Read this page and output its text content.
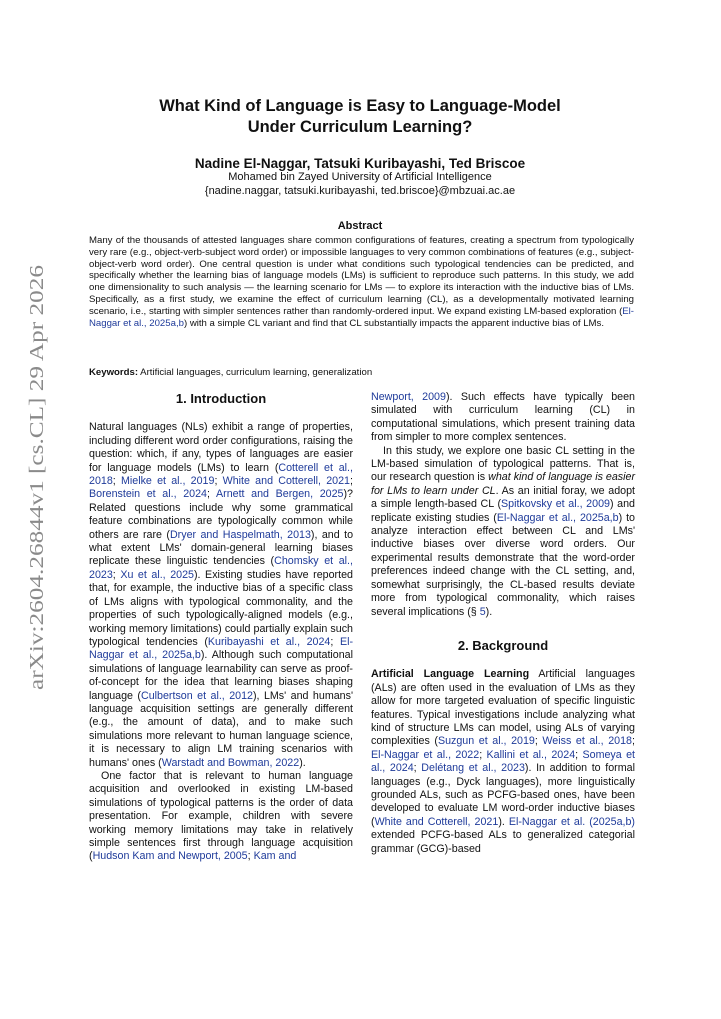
arXiv:2604.26844v1 [cs.CL] 29 Apr 2026
What Kind of Language is Easy to Language-Model
Under Curriculum Learning?
Nadine El-Naggar, Tatsuki Kuribayashi, Ted Briscoe
Mohamed bin Zayed University of Artificial Intelligence
{nadine.naggar, tatsuki.kuribayashi, ted.briscoe}@mbzuai.ac.ae
Abstract
Many of the thousands of attested languages share common configurations of features, creating a spectrum from typologically very rare (e.g., object-verb-subject word order) or impossible languages to very common combinations of features (e.g., subject-object-verb word order). One central question is under what conditions such typological tendencies can be predicted, and specifically whether the learning bias of language models (LMs) is sufficient to reproduce such patterns. In this study, we add one dimensionality to such analysis — the learning scenario for LMs — to explore its interaction with the inductive bias of LMs. Specifically, as a first study, we examine the effect of curriculum learning (CL), as a developmentally motivated learning scenario, i.e., starting with simpler sentences rather than randomly-ordered input. We expand existing LM-based exploration (El-Naggar et al., 2025a,b) with a simple CL variant and find that CL substantially impacts the apparent inductive bias of LMs.
Keywords: Artificial languages, curriculum learning, generalization
1. Introduction

Natural languages (NLs) exhibit a range of properties, including different word order configurations, raising the question: which, if any, types of languages are easier for language models (LMs) to learn (Cotterell et al., 2018; Mielke et al., 2019; White and Cotterell, 2021; Borenstein et al., 2024; Arnett and Bergen, 2025)? Related questions include why some grammatical feature combinations are typologically common while others are rare (Dryer and Haspelmath, 2013), and to what extent LMs' domain-general learning biases replicate these linguistic tendencies (Chomsky et al., 2023; Xu et al., 2025). Existing studies have reported that, for example, the inductive bias of a specific class of LMs aligns with typological commonality, and the properties of such typologically-aligned models (e.g., working memory limitations) could partially explain such typological tendencies (Kuribayashi et al., 2024; El-Naggar et al., 2025a,b). Although such computational simulations of language learnability can serve as proof-of-concept for the idea that learning biases shaping language (Culbertson et al., 2012), LMs' and humans' language acquisition settings are generally different (e.g., the amount of data), and to make such simulations more relevant to human language science, it is necessary to align LM training scenarios with humans' ones (Warstadt and Bowman, 2022).

One factor that is relevant to human language acquisition and overlooked in existing LM-based simulations of typological patterns is the order of data presentation. For example, children with severe working memory limitations may take in relatively simple sentences first through language acquisition (Hudson Kam and Newport, 2005; Kam and

Newport, 2009). Such effects have typically been simulated with curriculum learning (CL) in computational simulations, which present training data from simpler to more complex sentences.

In this study, we explore one basic CL setting in the LM-based simulation of typological patterns. That is, our research question is what kind of language is easier for LMs to learn under CL. As an initial foray, we adopt a simple length-based CL (Spitkovsky et al., 2009) and replicate existing studies (El-Naggar et al., 2025a,b) to analyze interaction effect between CL and LMs' inductive biases over diverse word orders. Our experimental results demonstrate that the word-order preferences indeed change with the CL setting, and, somewhat surprisingly, the CL-based results deviate more from typological commonality, which raises several implications (§ 5).

2. Background

Artificial Language Learning Artificial languages (ALs) are often used in the evaluation of LMs as they allow for more targeted evaluation of specific linguistic features. Typical investigations include analyzing what kind of structure LMs can model, using ALs of varying complexities (Suzgun et al., 2019; Weiss et al., 2018; El-Naggar et al., 2022; Kallini et al., 2024; Someya et al., 2024; Delétang et al., 2023). In addition to formal languages (e.g., Dyck languages), more linguistically grounded ALs, such as PCFG-based ones, have been developed to evaluate LM word-order inductive biases (White and Cotterell, 2021). El-Naggar et al. (2025a,b) extended PCFG-based ALs to generalized categorial grammar (GCG)-based
